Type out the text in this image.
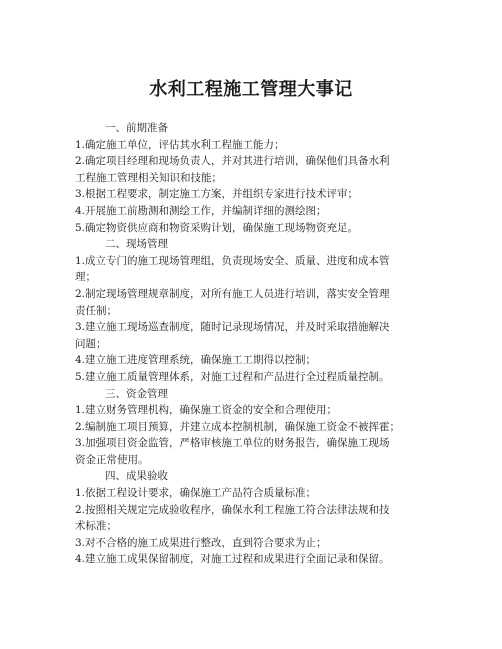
水利工程施工管理大事记

一、前期准备

1.确定施工单位，评估其水利工程施工能力；

2.确定项目经理和现场负责人，并对其进行培训，确保他们具备水利
工程施工管理相关知识和技能；

3.根据工程要求，制定施工方案，并组织专家进行技术评审；

4.开展施工前勘测和测绘工作，并编制详细的测绘图；

5.确定物资供应商和物资采购计划，确保施工现场物资充足。

二、现场管理

1.成立专门的施工现场管理组，负责现场安全、质量、进度和成本管
理；

2.制定现场管理规章制度，对所有施工人员进行培训，落实安全管理
责任制；

3.建立施工现场巡查制度，随时记录现场情况，并及时采取措施解决
问题；

4.建立施工进度管理系统，确保施工工期得以控制；

5.建立施工质量管理体系，对施工过程和产品进行全过程质量控制。

三、资金管理

1.建立财务管理机构，确保施工资金的安全和合理使用；

2.编制施工项目预算，并建立成本控制机制，确保施工资金不被挥霍；

3.加强项目资金监管，严格审核施工单位的财务报告，确保施工现场
资金正常使用。

四、成果验收

1.依据工程设计要求，确保施工产品符合质量标准；

2.按照相关规定完成验收程序，确保水利工程施工符合法律法规和技
术标准；

3.对不合格的施工成果进行整改，直到符合要求为止；

4.建立施工成果保留制度，对施工过程和成果进行全面记录和保留。
